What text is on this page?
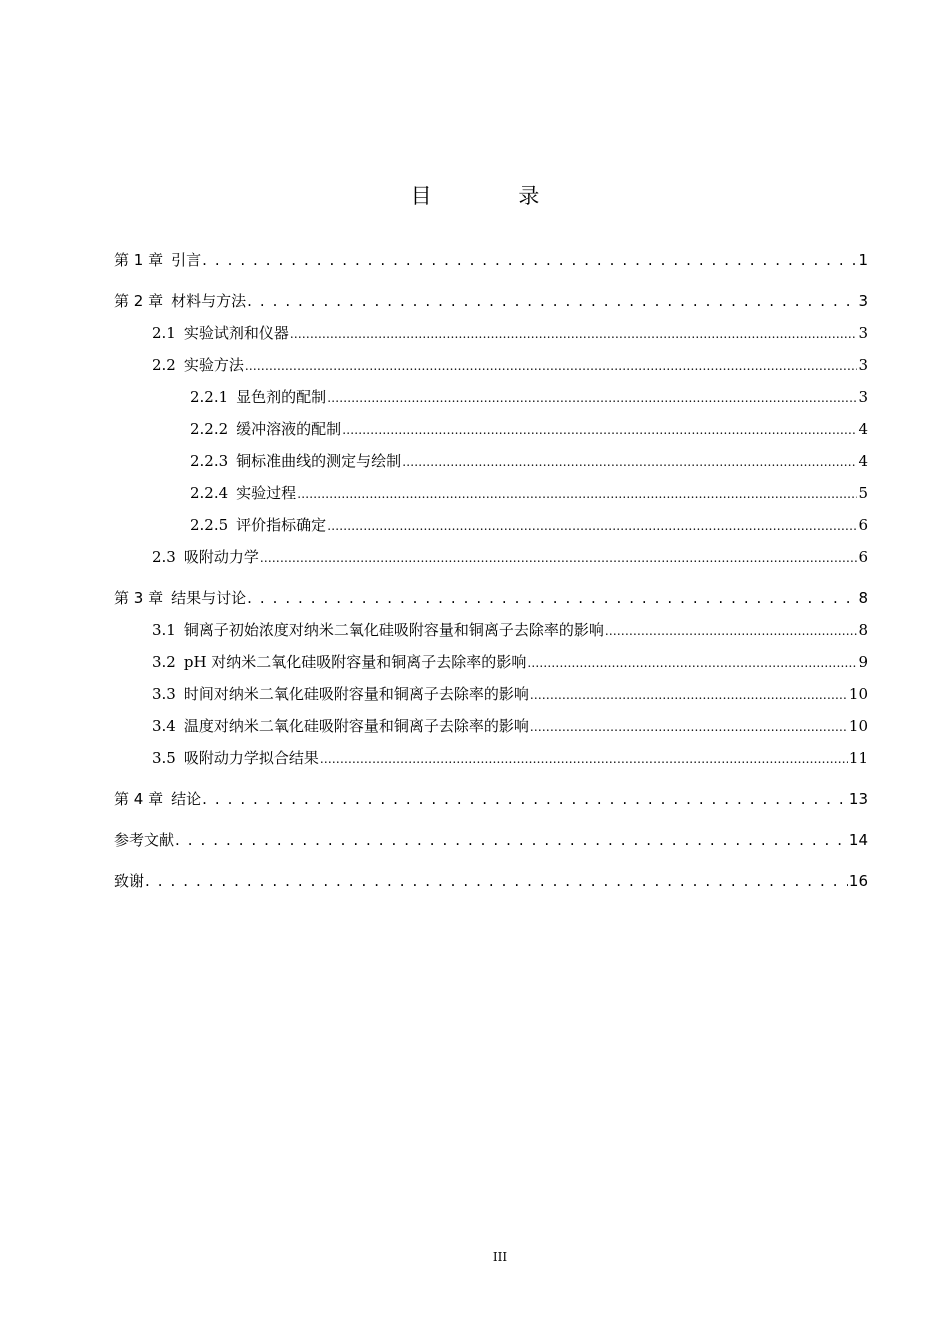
目 录
第 1 章 引言 . . .	1
第 2 章 材料与方法 . . .	3
2.1 实验试剂和仪器 .....	3
2.2 实验方法 .....	3
2.2.1 显色剂的配制 .....	3
2.2.2 缓冲溶液的配制 .....	4
2.2.3 铜标准曲线的测定与绘制 .....	4
2.2.4 实验过程 .....	5
2.2.5 评价指标确定 .....	6
2.3 吸附动力学 .....	6
第 3 章 结果与讨论 . . .	8
3.1 铜离子初始浓度对纳米二氧化硅吸附容量和铜离子去除率的影响 .....	8
3.2 pH 对纳米二氧化硅吸附容量和铜离子去除率的影响 .....	9
3.3 时间对纳米二氧化硅吸附容量和铜离子去除率的影响 .....	10
3.4 温度对纳米二氧化硅吸附容量和铜离子去除率的影响 .....	10
3.5 吸附动力学拟合结果 .....	11
第 4 章 结论 . . .	13
参考文献 . . .	14
致谢 . . .	16
III
